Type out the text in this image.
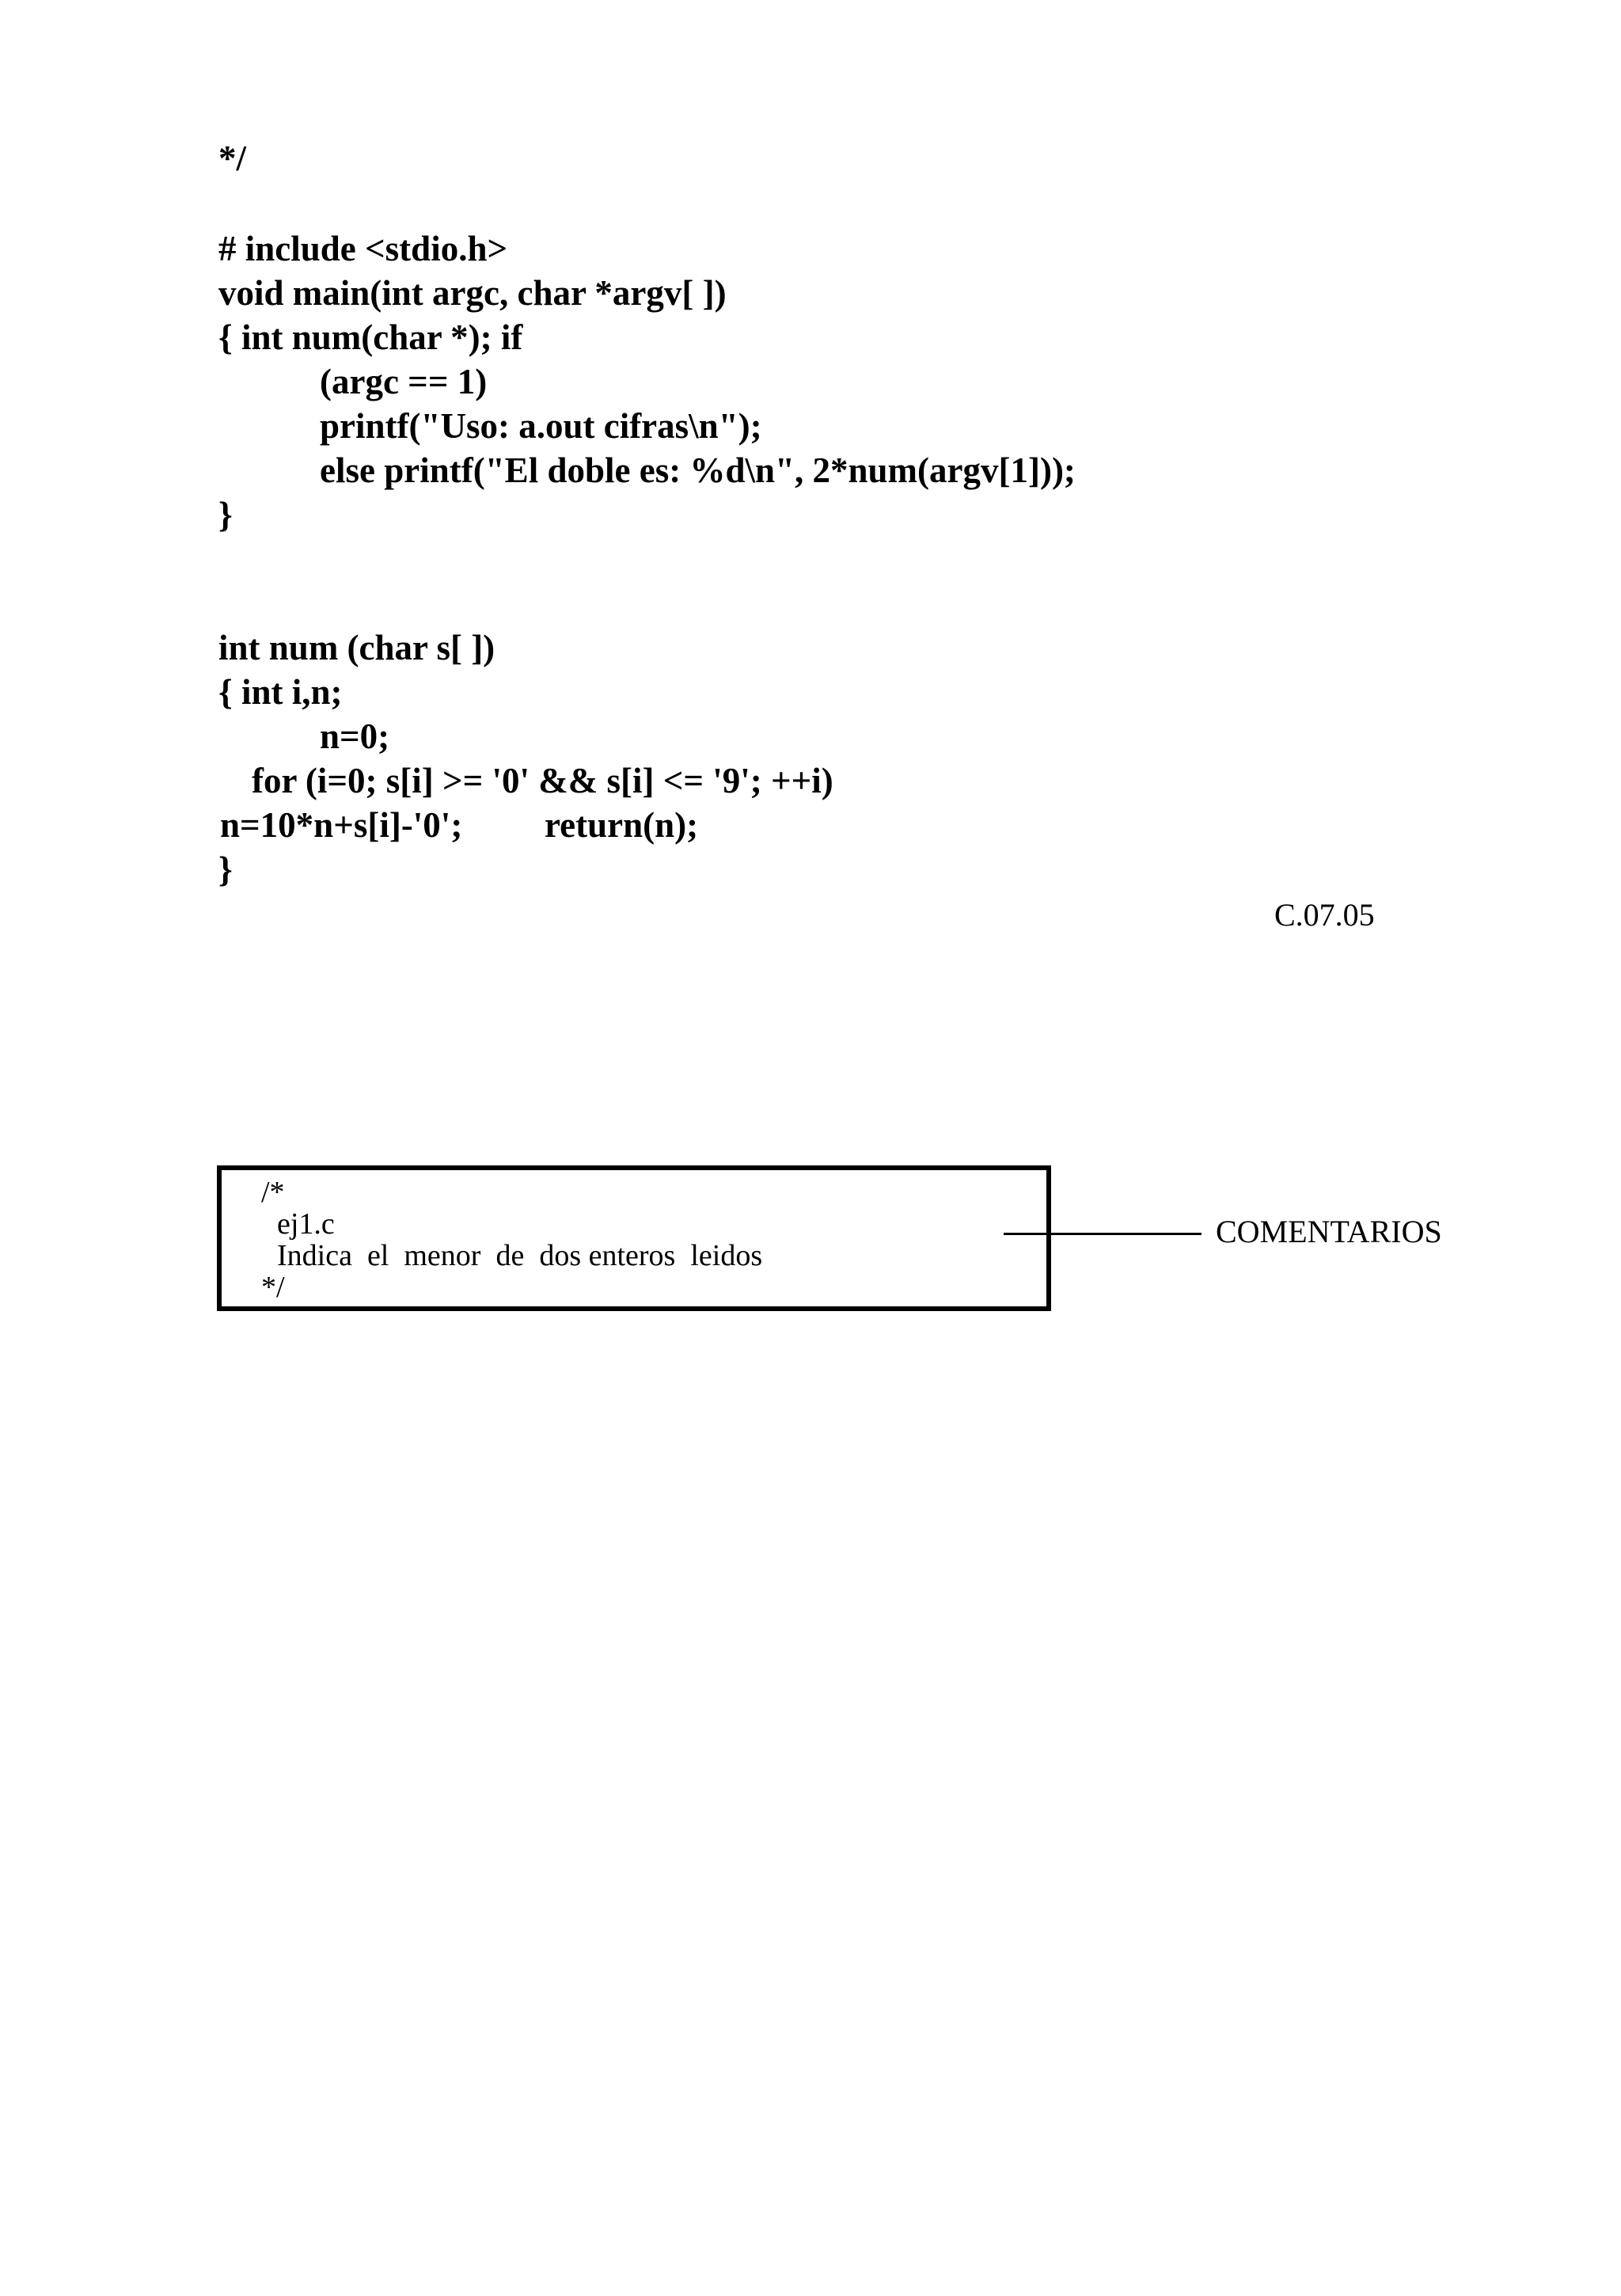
*/
# include <stdio.h>
void main(int argc, char *argv[ ])
{ int num(char *); if
(argc == 1)
printf("Uso: a.out cifras\n");
else printf("El doble es: %d\n", 2*num(argv[1]));
}
int num (char s[ ])
{ int i,n;
n=0;
for (i=0; s[i] >= '0' && s[i] <= '9'; ++i)
n=10*n+s[i]-'0'; return(n);
}
C.07.05
/*
ej1.c
Indica  el  menor  de  dos enteros  leidos
*/
COMENTARIOS
